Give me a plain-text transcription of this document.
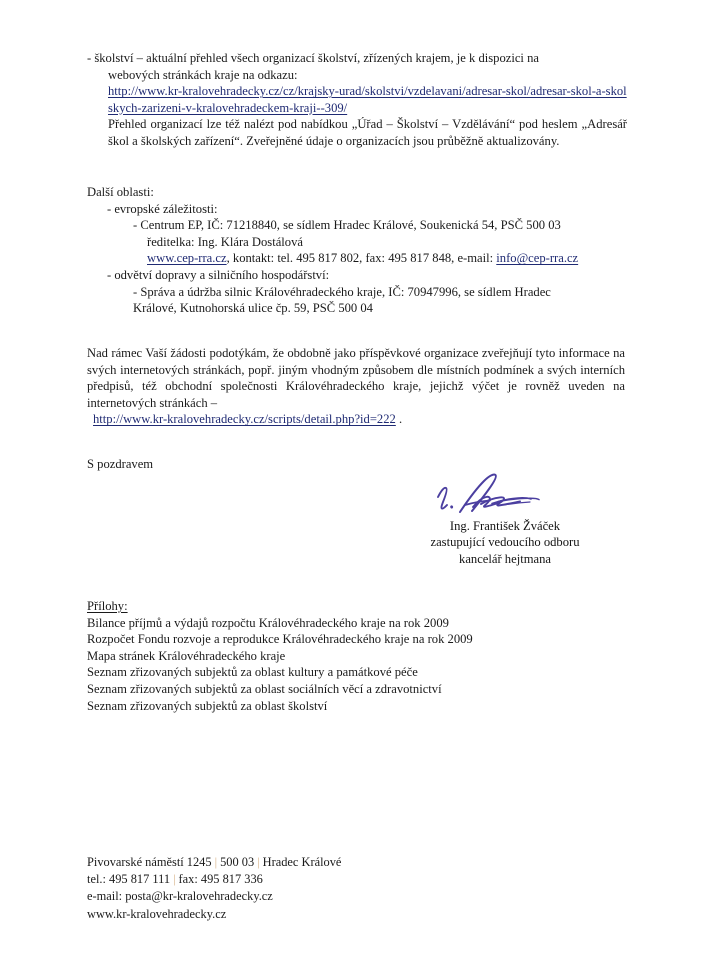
- školství – aktuální přehled všech organizací školství, zřízených krajem, je k dispozici na
webových stránkách kraje na odkazu:
http://www.kr-kralovehradecky.cz/cz/krajsky-urad/skolstvi/vzdelavani/adresar-skol/adresar-skol-a-skolskych-zarizeni-v-kralovehradeckem-kraji--309/
Přehled organizací lze též nalézt pod nabídkou „Úřad – Školství – Vzdělávání“ pod heslem „Adresář škol a školských zařízení“. Zveřejněné údaje o organizacích jsou průběžně aktualizovány.
Další oblasti:
- evropské záležitosti:
- Centrum EP, IČ: 71218840, se sídlem Hradec Králové, Soukenická 54, PSČ 500 03
ředitelka: Ing. Klára Dostálová
www.cep-rra.cz, kontakt: tel. 495 817 802, fax: 495 817 848, e-mail: info@cep-rra.cz
- odvětví dopravy a silničního hospodářství:
- Správa a údržba silnic Královéhradeckého kraje, IČ: 70947996, se sídlem Hradec
Králové, Kutnohorská ulice čp. 59, PSČ 500 04

Nad rámec Vaší žádosti podotýkám, že obdobně jako příspěvkové organizace zveřejňují tyto informace na svých internetových stránkách, popř. jiným vhodným způsobem dle místních podmínek a svých interních předpisů, též obchodní společnosti Královéhradeckého kraje, jejichž výčet je rovněž uveden na internetových stránkách –

http://www.kr-kralovehradecky.cz/scripts/detail.php?id=222 .
S pozdravem
Ing. František Žváček
zastupující vedoucího odboru
kancelář hejtmana
Přílohy:
Bilance příjmů a výdajů rozpočtu Královéhradeckého kraje na rok 2009
Rozpočet Fondu rozvoje a reprodukce Královéhradeckého kraje na rok 2009
Mapa stránek Královéhradeckého kraje
Seznam zřizovaných subjektů za oblast kultury a památkové péče
Seznam zřizovaných subjektů za oblast sociálních věcí a zdravotnictví
Seznam zřizovaných subjektů za oblast školství
Pivovarské náměstí 1245 | 500 03 | Hradec Králové
tel.: 495 817 111 | fax: 495 817 336
e-mail: posta@kr-kralovehradecky.cz
www.kr-kralovehradecky.cz
